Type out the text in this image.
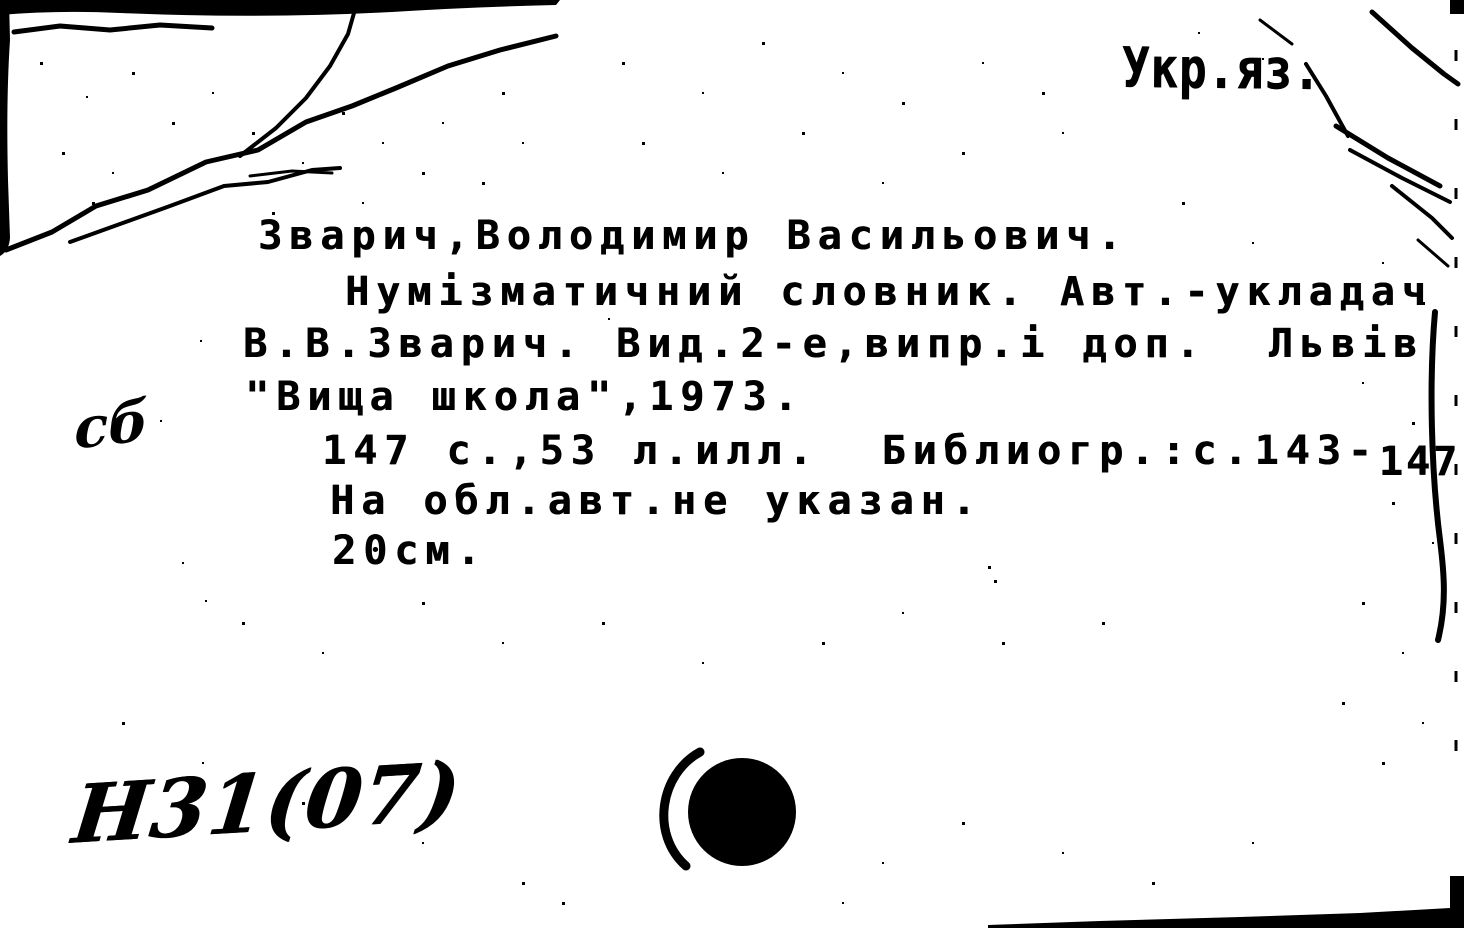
Укр.яз.
Зварич,Володимир Васильович.
Нумізматичний словник. Авт.-укладач
В.В.Зварич. Вид.2-е,випр.і доп.  Львів
"Вища школа",1973.
147 с.,53 л.илл.  Библиогр.:с.143-147
На обл.авт.не указан.
20см.
сб
Н31(07)
